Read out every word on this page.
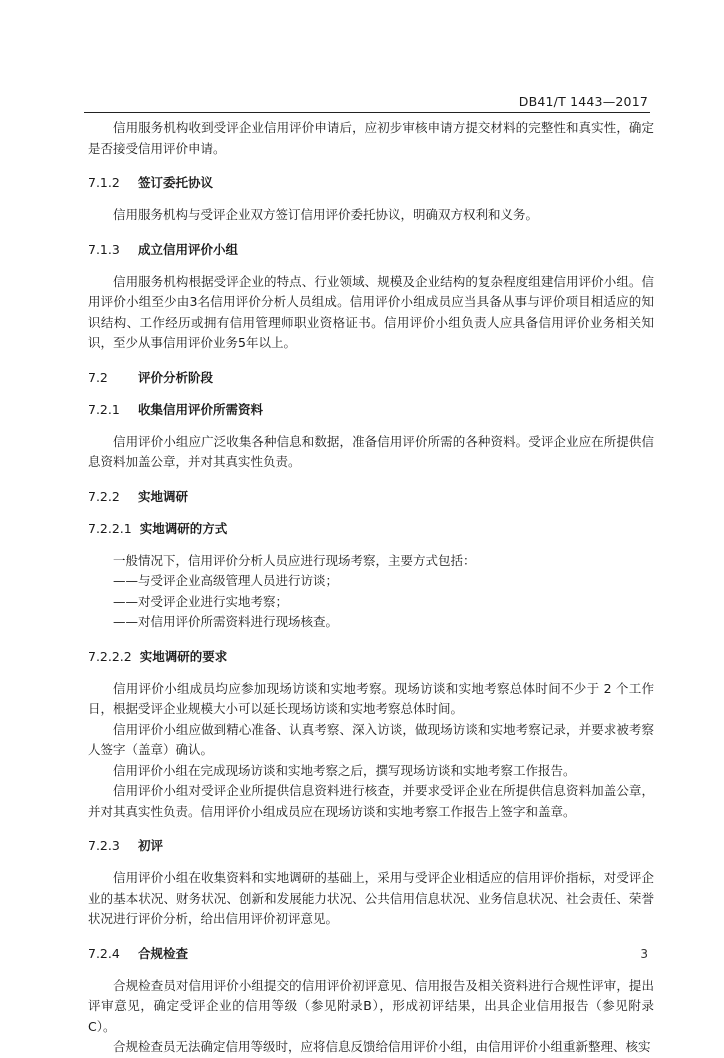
DB41/T 1443—2017

信用服务机构收到受评企业信用评价申请后，应初步审核申请方提交材料的完整性和真实性，确定是否接受信用评价申请。

7.1.2	签订委托协议

信用服务机构与受评企业双方签订信用评价委托协议，明确双方权利和义务。

7.1.3	成立信用评价小组

信用服务机构根据受评企业的特点、行业领域、规模及企业结构的复杂程度组建信用评价小组。信用评价小组至少由3名信用评价分析人员组成。信用评价小组成员应当具备从事与评价项目相适应的知识结构、工作经历或拥有信用管理师职业资格证书。信用评价小组负责人应具备信用评价业务相关知识，至少从事信用评价业务5年以上。

7.2	评价分析阶段
7.2.1	收集信用评价所需资料

信用评价小组应广泛收集各种信息和数据，准备信用评价所需的各种资料。受评企业应在所提供信息资料加盖公章，并对其真实性负责。

7.2.2	实地调研
7.2.2.1 实地调研的方式

一般情况下，信用评价分析人员应进行现场考察，主要方式包括：

——与受评企业高级管理人员进行访谈；

——对受评企业进行实地考察；

——对信用评价所需资料进行现场核查。

7.2.2.2 实地调研的要求

信用评价小组成员均应参加现场访谈和实地考察。现场访谈和实地考察总体时间不少于 2 个工作日，根据受评企业规模大小可以延长现场访谈和实地考察总体时间。

信用评价小组应做到精心准备、认真考察、深入访谈，做现场访谈和实地考察记录，并要求被考察人签字（盖章）确认。

信用评价小组在完成现场访谈和实地考察之后，撰写现场访谈和实地考察工作报告。

信用评价小组对受评企业所提供信息资料进行核查，并要求受评企业在所提供信息资料加盖公章，并对其真实性负责。信用评价小组成员应在现场访谈和实地考察工作报告上签字和盖章。

7.2.3	初评

信用评价小组在收集资料和实地调研的基础上，采用与受评企业相适应的信用评价指标，对受评企业的基本状况、财务状况、创新和发展能力状况、公共信用信息状况、业务信息状况、社会责任、荣誉状况进行评价分析，给出信用评价初评意见。

7.2.4	合规检查

合规检查员对信用评价小组提交的信用评价初评意见、信用报告及相关资料进行合规性评审，提出评审意见，确定受评企业的信用等级（参见附录B），形成初评结果，出具企业信用报告（参见附录C）。

合规检查员无法确定信用等级时，应将信息反馈给信用评价小组，由信用评价小组重新整理、核实

3
